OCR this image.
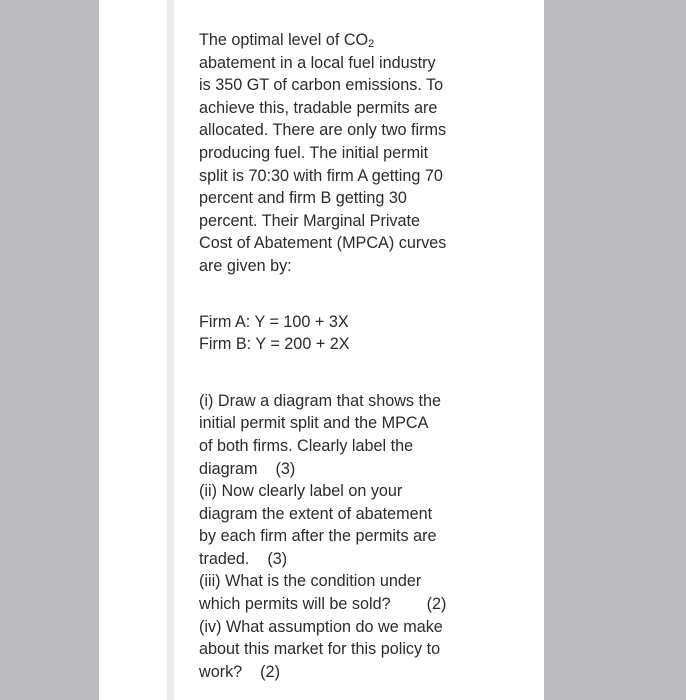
The optimal level of $CO_2$
abatement in a local fuel industry
is 350 GT of carbon emissions. To
achieve this, tradable permits are
allocated. There are only two firms
producing fuel. The initial permit
split is 70:30 with firm A getting 70
percent and firm B getting 30
percent. Their Marginal Private
Cost of Abatement (MPCA) curves
are given by:
Firm A: Y = 100 + 3X
Firm B: Y = 200 + 2X
(i) Draw a diagram that shows the
initial permit split and the MPCA
of both firms. Clearly label the
diagram    (3)
(ii) Now clearly label on your
diagram the extent of abatement
by each firm after the permits are
traded.    (3)
(iii) What is the condition under
which permits will be sold?        (2)
(iv) What assumption do we make
about this market for this policy to
work?    (2)
